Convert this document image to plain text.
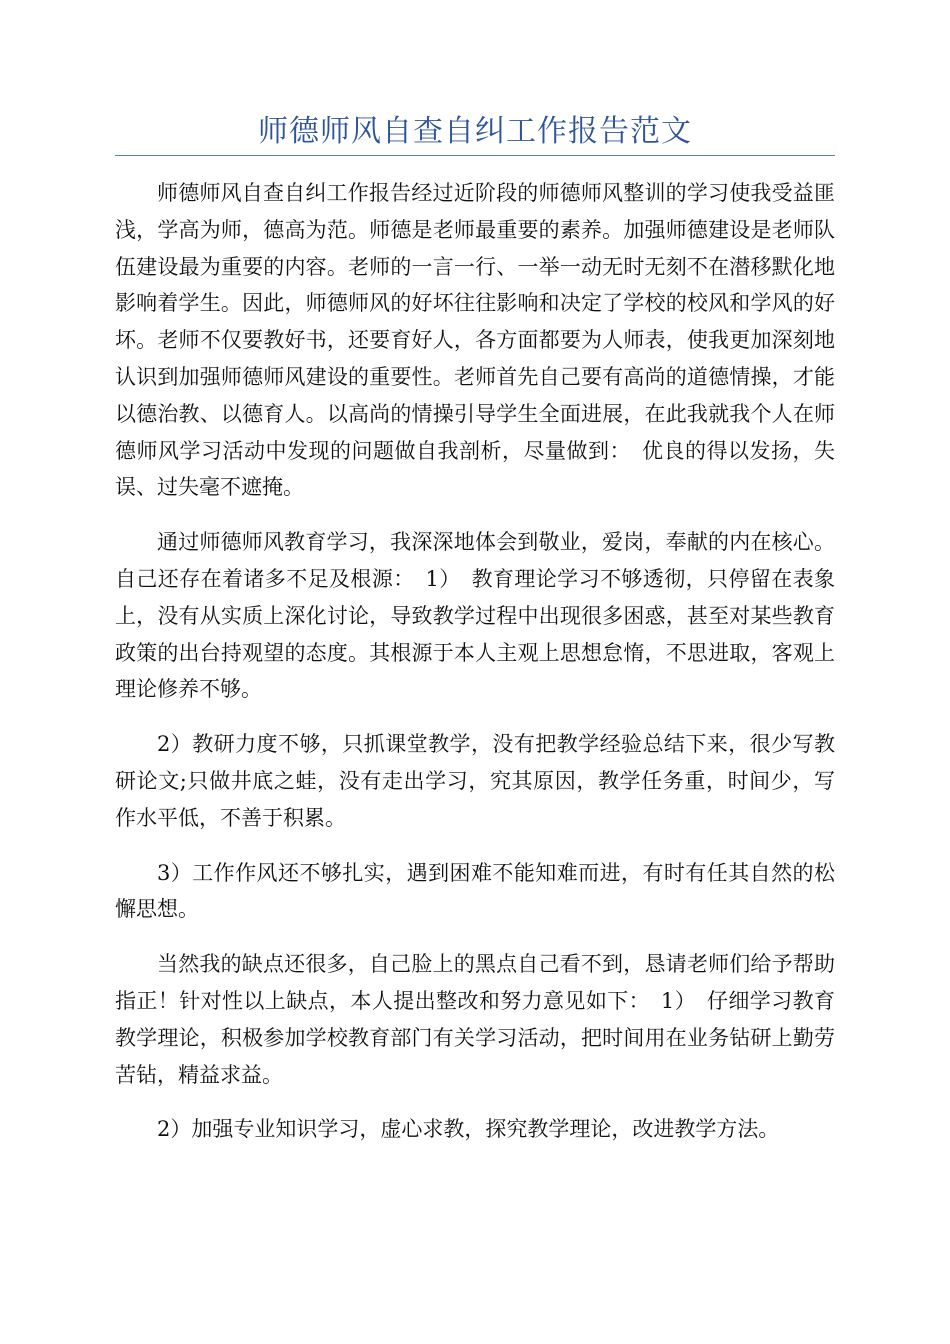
师德师风自查自纠工作报告范文

师德师风自查自纠工作报告经过近阶段的师德师风整训的学习使我受益匪浅，学高为师，德高为范。师德是老师最重要的素养。加强师德建设是老师队伍建设最为重要的内容。老师的一言一行、一举一动无时无刻不在潜移默化地影响着学生。因此，师德师风的好坏往往影响和决定了学校的校风和学风的好坏。老师不仅要教好书，还要育好人，各方面都要为人师表，使我更加深刻地认识到加强师德师风建设的重要性。老师首先自己要有高尚的道德情操，才能以德治教、以德育人。以高尚的情操引导学生全面进展，在此我就我个人在师德师风学习活动中发现的问题做自我剖析，尽量做到：　优良的得以发扬，失误、过失毫不遮掩。

通过师德师风教育学习，我深深地体会到敬业，爱岗，奉献的内在核心。自己还存在着诸多不足及根源：　1）　教育理论学习不够透彻，只停留在表象上，没有从实质上深化讨论，导致教学过程中出现很多困惑，甚至对某些教育政策的出台持观望的态度。其根源于本人主观上思想怠惰，不思进取，客观上理论修养不够。

2）教研力度不够，只抓课堂教学，没有把教学经验总结下来，很少写教研论文;只做井底之蛙，没有走出学习，究其原因，教学任务重，时间少，写作水平低，不善于积累。

3）工作作风还不够扎实，遇到困难不能知难而进，有时有任其自然的松懈思想。

当然我的缺点还很多，自己脸上的黑点自己看不到，恳请老师们给予帮助指正！针对性以上缺点，本人提出整改和努力意见如下：　1）　仔细学习教育教学理论，积极参加学校教育部门有关学习活动，把时间用在业务钻研上勤劳苦钻，精益求益。

2）加强专业知识学习，虚心求教，探究教学理论，改进教学方法。
